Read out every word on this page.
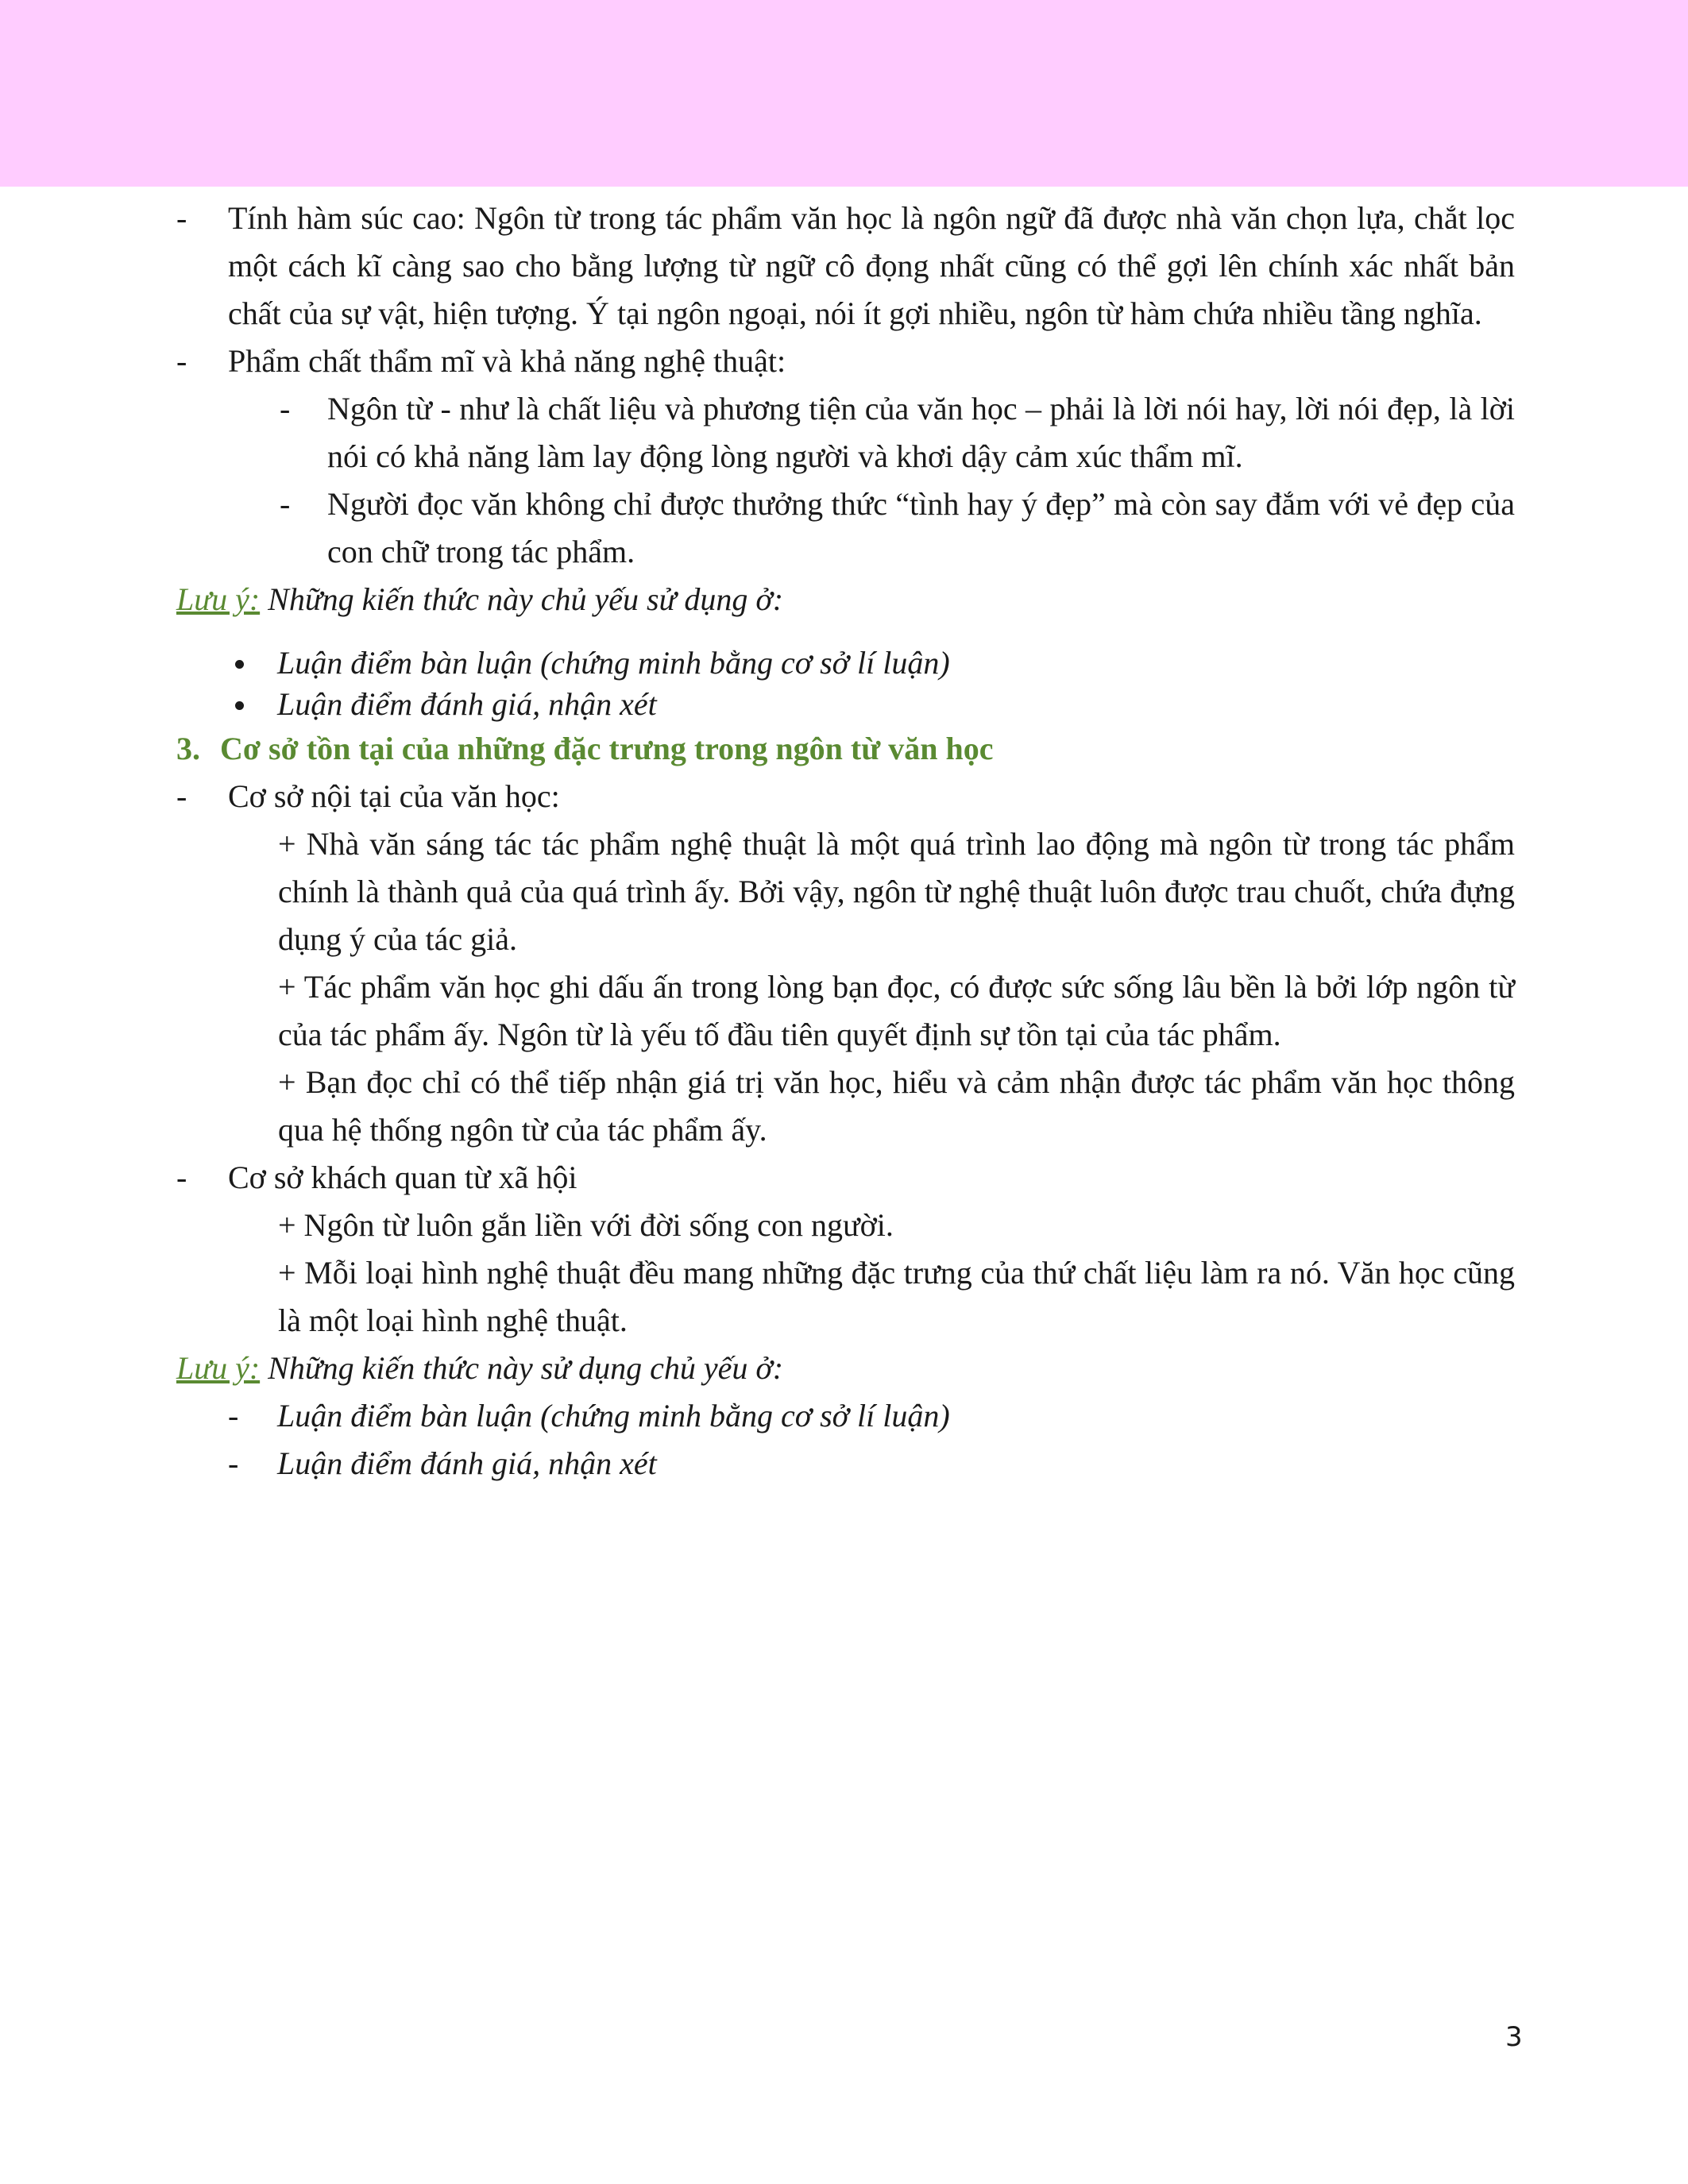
- Tính hàm súc cao: Ngôn từ trong tác phẩm văn học là ngôn ngữ đã được nhà văn chọn lựa, chắt lọc một cách kĩ càng sao cho bằng lượng từ ngữ cô đọng nhất cũng có thể gợi lên chính xác nhất bản chất của sự vật, hiện tượng. Ý tại ngôn ngoại, nói ít gợi nhiều, ngôn từ hàm chứa nhiều tầng nghĩa.
- Phẩm chất thẩm mĩ và khả năng nghệ thuật:
- Ngôn từ - như là chất liệu và phương tiện của văn học – phải là lời nói hay, lời nói đẹp, là lời nói có khả năng làm lay động lòng người và khơi dậy cảm xúc thẩm mĩ.
- Người đọc văn không chỉ được thưởng thức “tình hay ý đẹp” mà còn say đắm với vẻ đẹp của con chữ trong tác phẩm.

Lưu ý: Những kiến thức này chủ yếu sử dụng ở:

Luận điểm bàn luận (chứng minh bằng cơ sở lí luận)
Luận điểm đánh giá, nhận xét
3. Cơ sở tồn tại của những đặc trưng trong ngôn từ văn học
- Cơ sở nội tại của văn học:
+ Nhà văn sáng tác tác phẩm nghệ thuật là một quá trình lao động mà ngôn từ trong tác phẩm chính là thành quả của quá trình ấy. Bởi vậy, ngôn từ nghệ thuật luôn được trau chuốt, chứa đựng dụng ý của tác giả.
+ Tác phẩm văn học ghi dấu ấn trong lòng bạn đọc, có được sức sống lâu bền là bởi lớp ngôn từ của tác phẩm ấy. Ngôn từ là yếu tố đầu tiên quyết định sự tồn tại của tác phẩm.
+ Bạn đọc chỉ có thể tiếp nhận giá trị văn học, hiểu và cảm nhận được tác phẩm văn học thông qua hệ thống ngôn từ của tác phẩm ấy.
- Cơ sở khách quan từ xã hội
+ Ngôn từ luôn gắn liền với đời sống con người.
+ Mỗi loại hình nghệ thuật đều mang những đặc trưng của thứ chất liệu làm ra nó. Văn học cũng là một loại hình nghệ thuật.

Lưu ý: Những kiến thức này sử dụng chủ yếu ở:

- Luận điểm bàn luận (chứng minh bằng cơ sở lí luận)
- Luận điểm đánh giá, nhận xét
3
